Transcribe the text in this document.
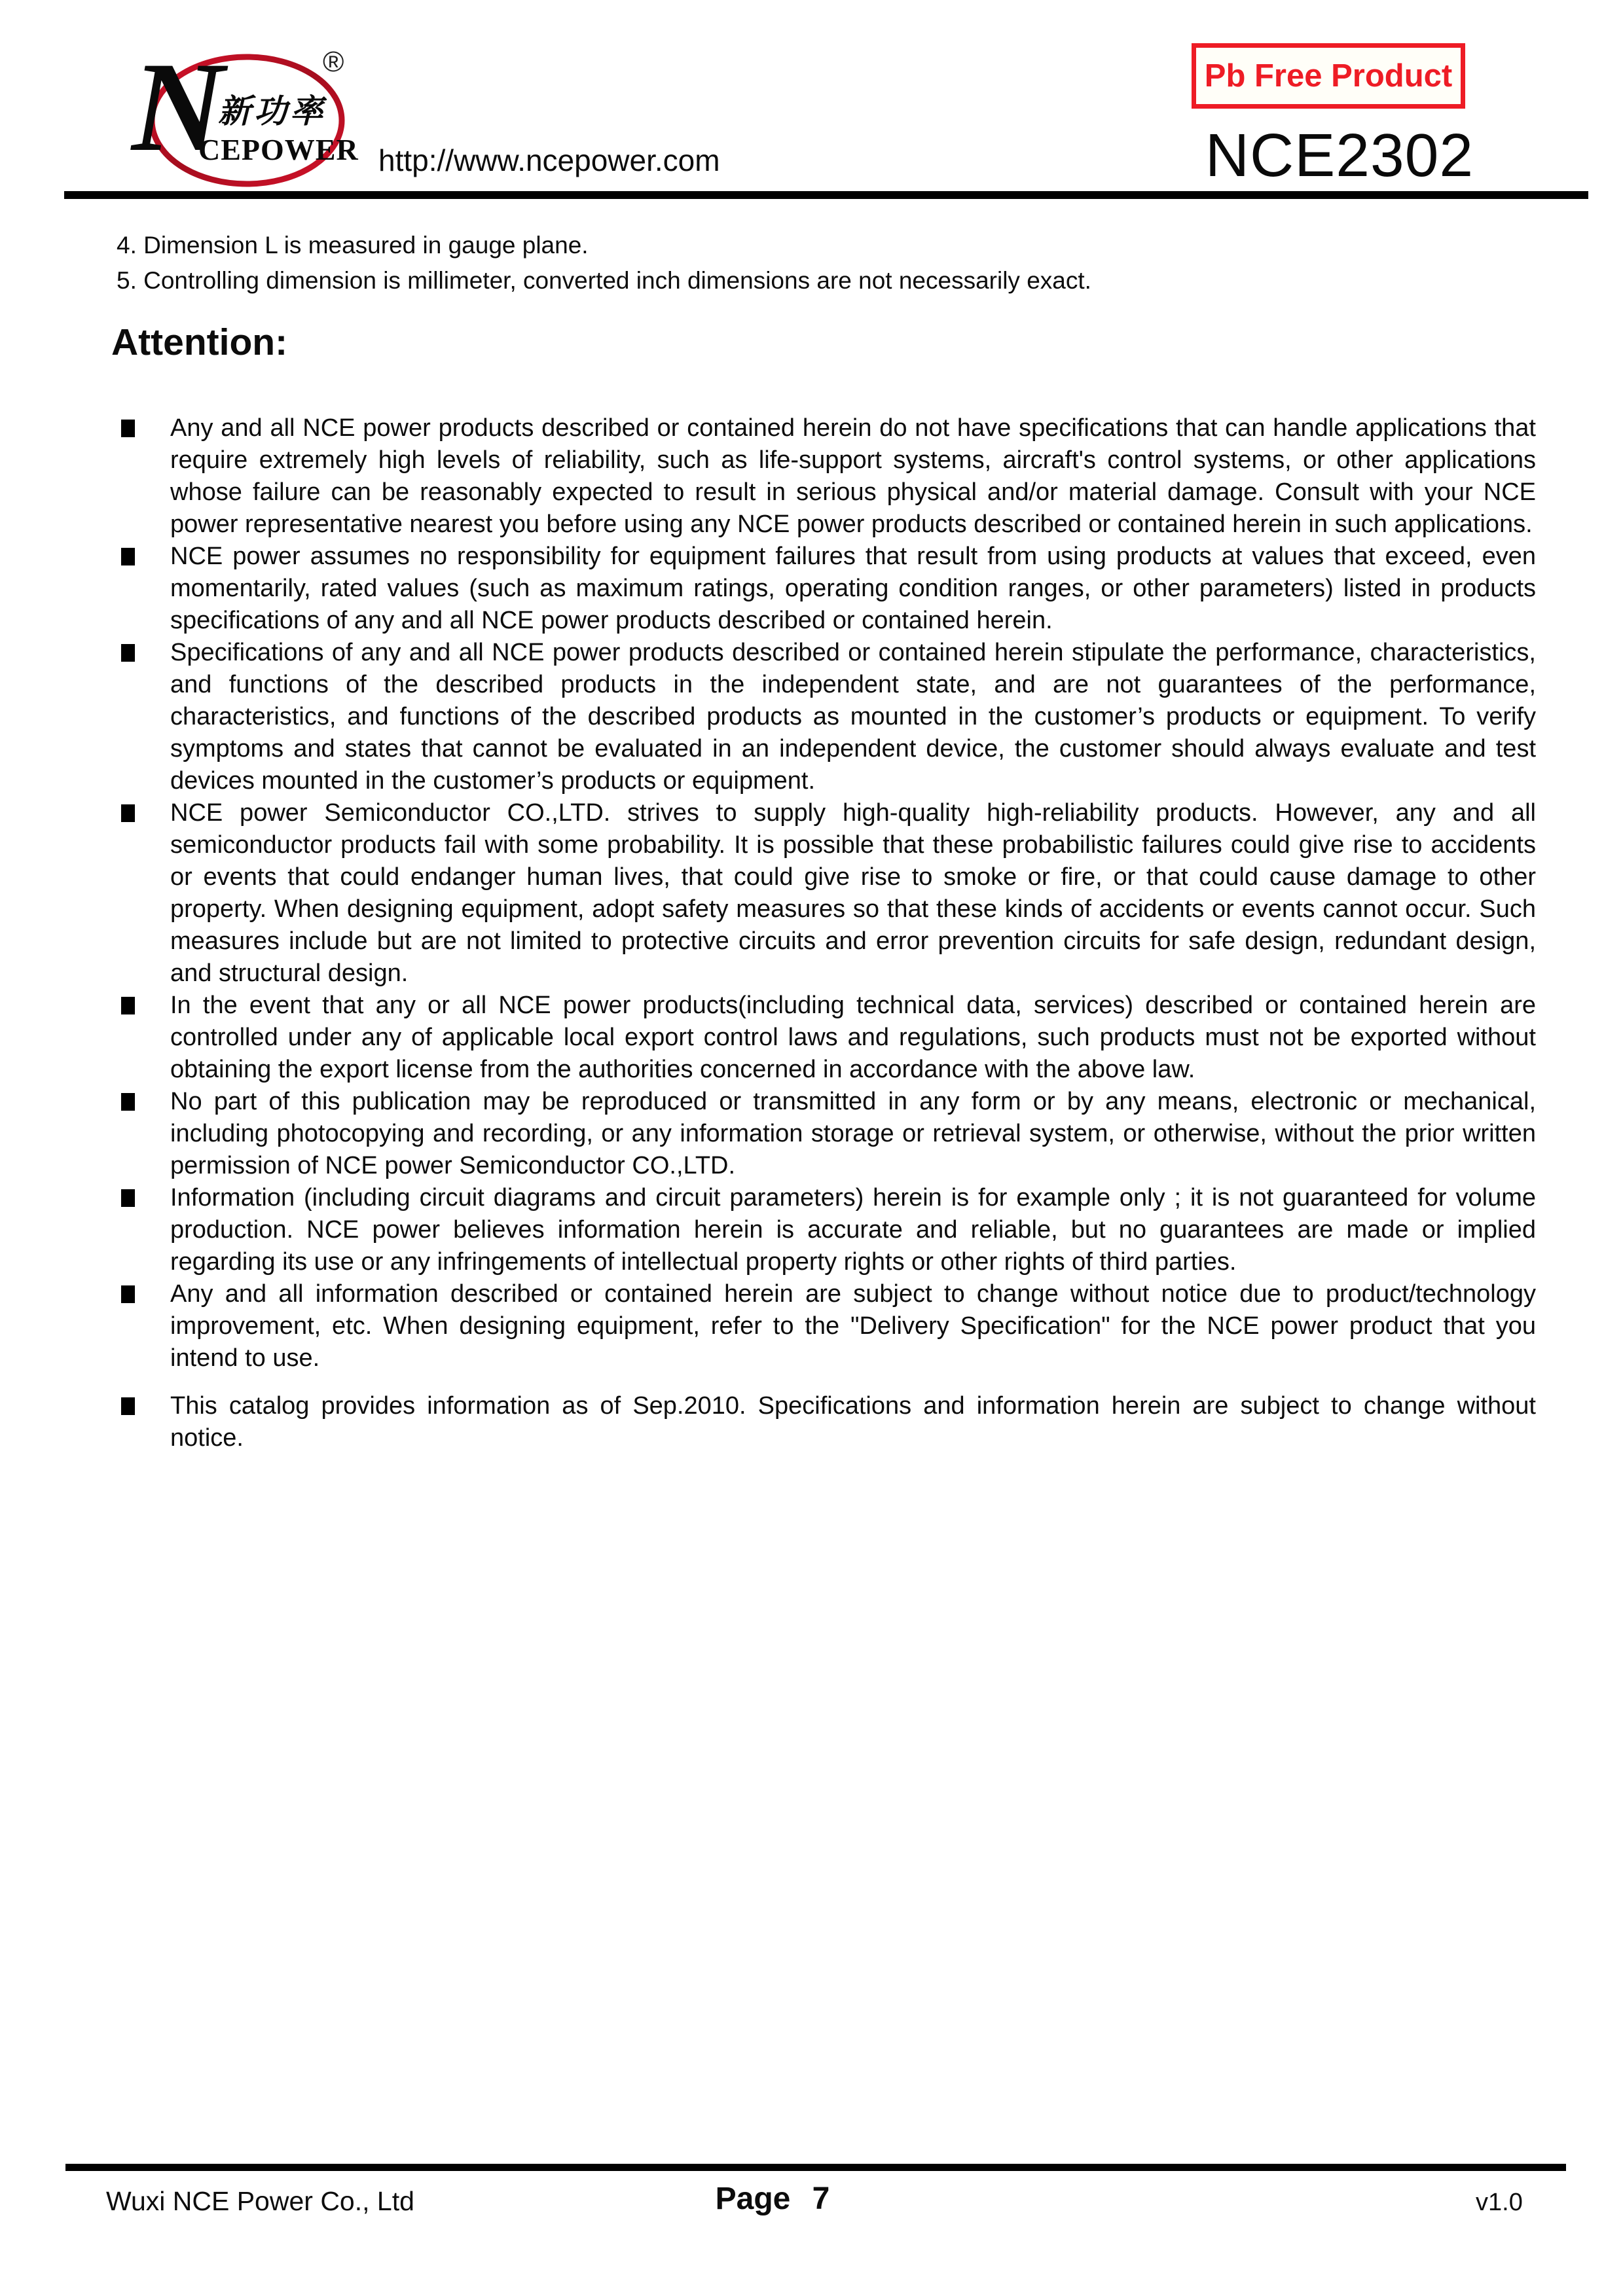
N
新功率
CEPOWER
®
http://www.ncepower.com
Pb Free Product
NCE2302
4. Dimension L is measured in gauge plane.
5. Controlling dimension is millimeter, converted inch dimensions are not necessarily exact.
Attention:
Any and all NCE power products described or contained herein do not have specifications that can handle applications that require extremely high levels of reliability, such as life-support systems, aircraft's control systems, or other applications whose failure can be reasonably expected to result in serious physical and/or material damage. Consult with your NCE power representative nearest you before using any NCE power products described or contained herein in such applications.
NCE power assumes no responsibility for equipment failures that result from using products at values that exceed, even momentarily, rated values (such as maximum ratings, operating condition ranges, or other parameters) listed in products specifications of any and all NCE power products described or contained herein.
Specifications of any and all NCE power products described or contained herein stipulate the performance, characteristics, and functions of the described products in the independent state, and are not guarantees of the performance, characteristics, and functions of the described products as mounted in the customer’s products or equipment. To verify symptoms and states that cannot be evaluated in an independent device, the customer should always evaluate and test devices mounted in the customer’s products or equipment.
NCE power Semiconductor CO.,LTD. strives to supply high-quality high-reliability products. However, any and all semiconductor products fail with some probability. It is possible that these probabilistic failures could give rise to accidents or events that could endanger human lives, that could give rise to smoke or fire, or that could cause damage to other property. When designing equipment, adopt safety measures so that these kinds of accidents or events cannot occur. Such measures include but are not limited to protective circuits and error prevention circuits for safe design, redundant design, and structural design.
In the event that any or all NCE power products(including technical data, services) described or contained herein are controlled under any of applicable local export control laws and regulations, such products must not be exported without obtaining the export license from the authorities concerned in accordance with the above law.
No part of this publication may be reproduced or transmitted in any form or by any means, electronic or mechanical, including photocopying and recording, or any information storage or retrieval system, or otherwise, without the prior written permission of NCE power Semiconductor CO.,LTD.
Information (including circuit diagrams and circuit parameters) herein is for example only ; it is not guaranteed for volume production. NCE power believes information herein is accurate and reliable, but no guarantees are made or implied regarding its use or any infringements of intellectual property rights or other rights of third parties.
Any and all information described or contained herein are subject to change without notice due to product/technology improvement, etc. When designing equipment, refer to the "Delivery Specification" for the NCE power product that you intend to use.
This catalog provides information as of Sep.2010. Specifications and information herein are subject to change without notice.
Wuxi NCE Power Co., Ltd	Page 7	v1.0
